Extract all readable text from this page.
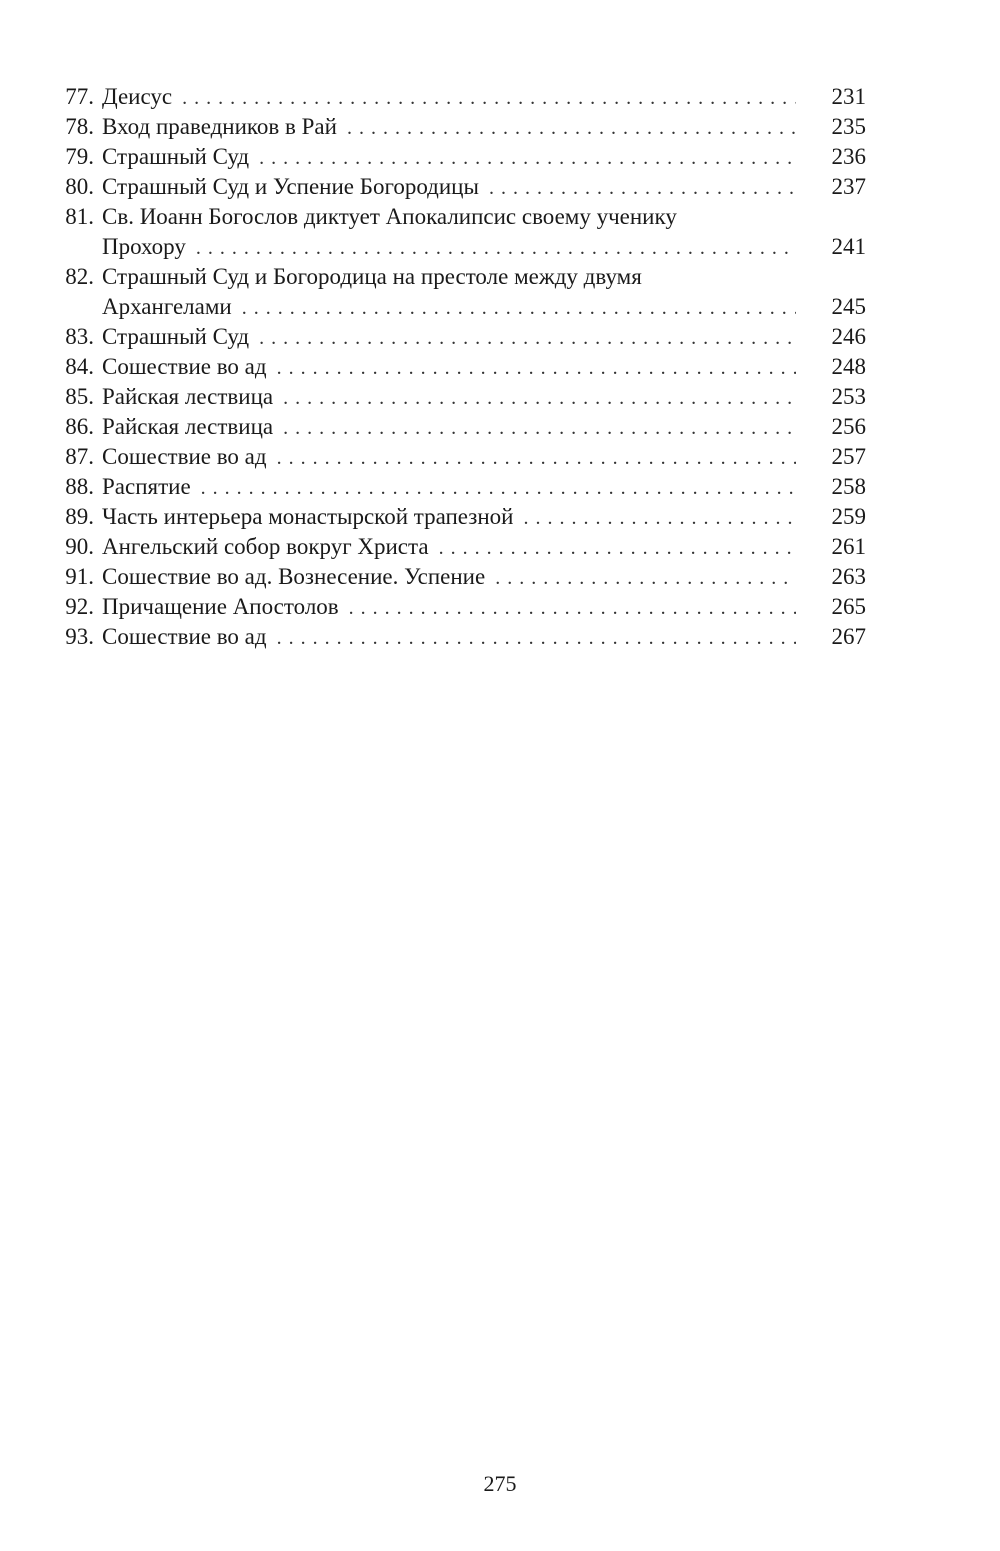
77. Деисус . . .	231
78. Вход праведников в Рай . . .	235
79. Страшный Суд . . .	236
80. Страшный Суд и Успение Богородицы . . .	237
81. Св. Иоанн Богослов диктует Апокалипсис своему ученику
Прохору . . .	241
82. Страшный Суд и Богородица на престоле между двумя
Архангелами . . .	245
83. Страшный Суд . . .	246
84. Сошествие во ад . . .	248
85. Райская лествица . . .	253
86. Райская лествица . . .	256
87. Сошествие во ад . . .	257
88. Распятие . . .	258
89. Часть интерьера монастырской трапезной . . .	259
90. Ангельский собор вокруг Христа . . .	261
91. Сошествие во ад. Вознесение. Успение . . .	263
92. Причащение Апостолов . . .	265
93. Сошествие во ад . . .	267
275
